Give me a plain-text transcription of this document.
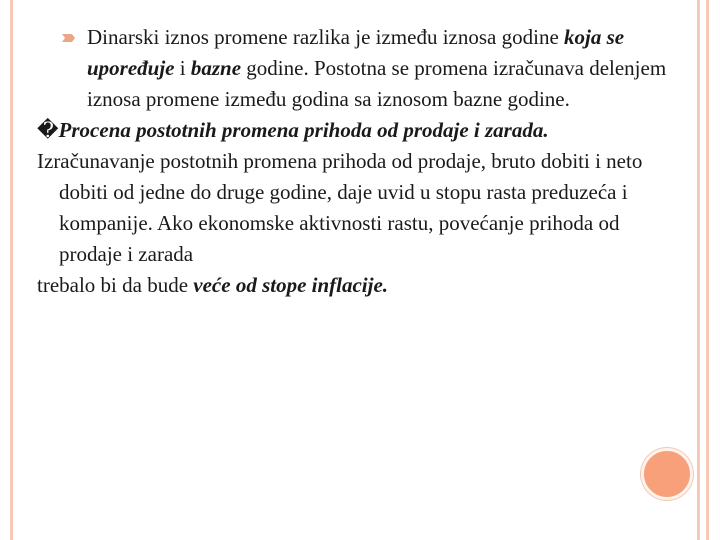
Dinarski iznos promene razlika je između iznosa godine koja se upoređuje i bazne godine. Postotna se promena izračunava delenjem iznosa promene između godina sa iznosom bazne godine.

�Procena postotnih promena prihoda od prodaje i zarada.

Izračunavanje postotnih promena prihoda od prodaje, bruto dobiti i neto dobiti od jedne do druge godine, daje uvid u stopu rasta preduzeća i kompanije. Ako ekonomske aktivnosti rastu, povećanje prihoda od prodaje i zarada

trebalo bi da bude veće od stope inflacije.
